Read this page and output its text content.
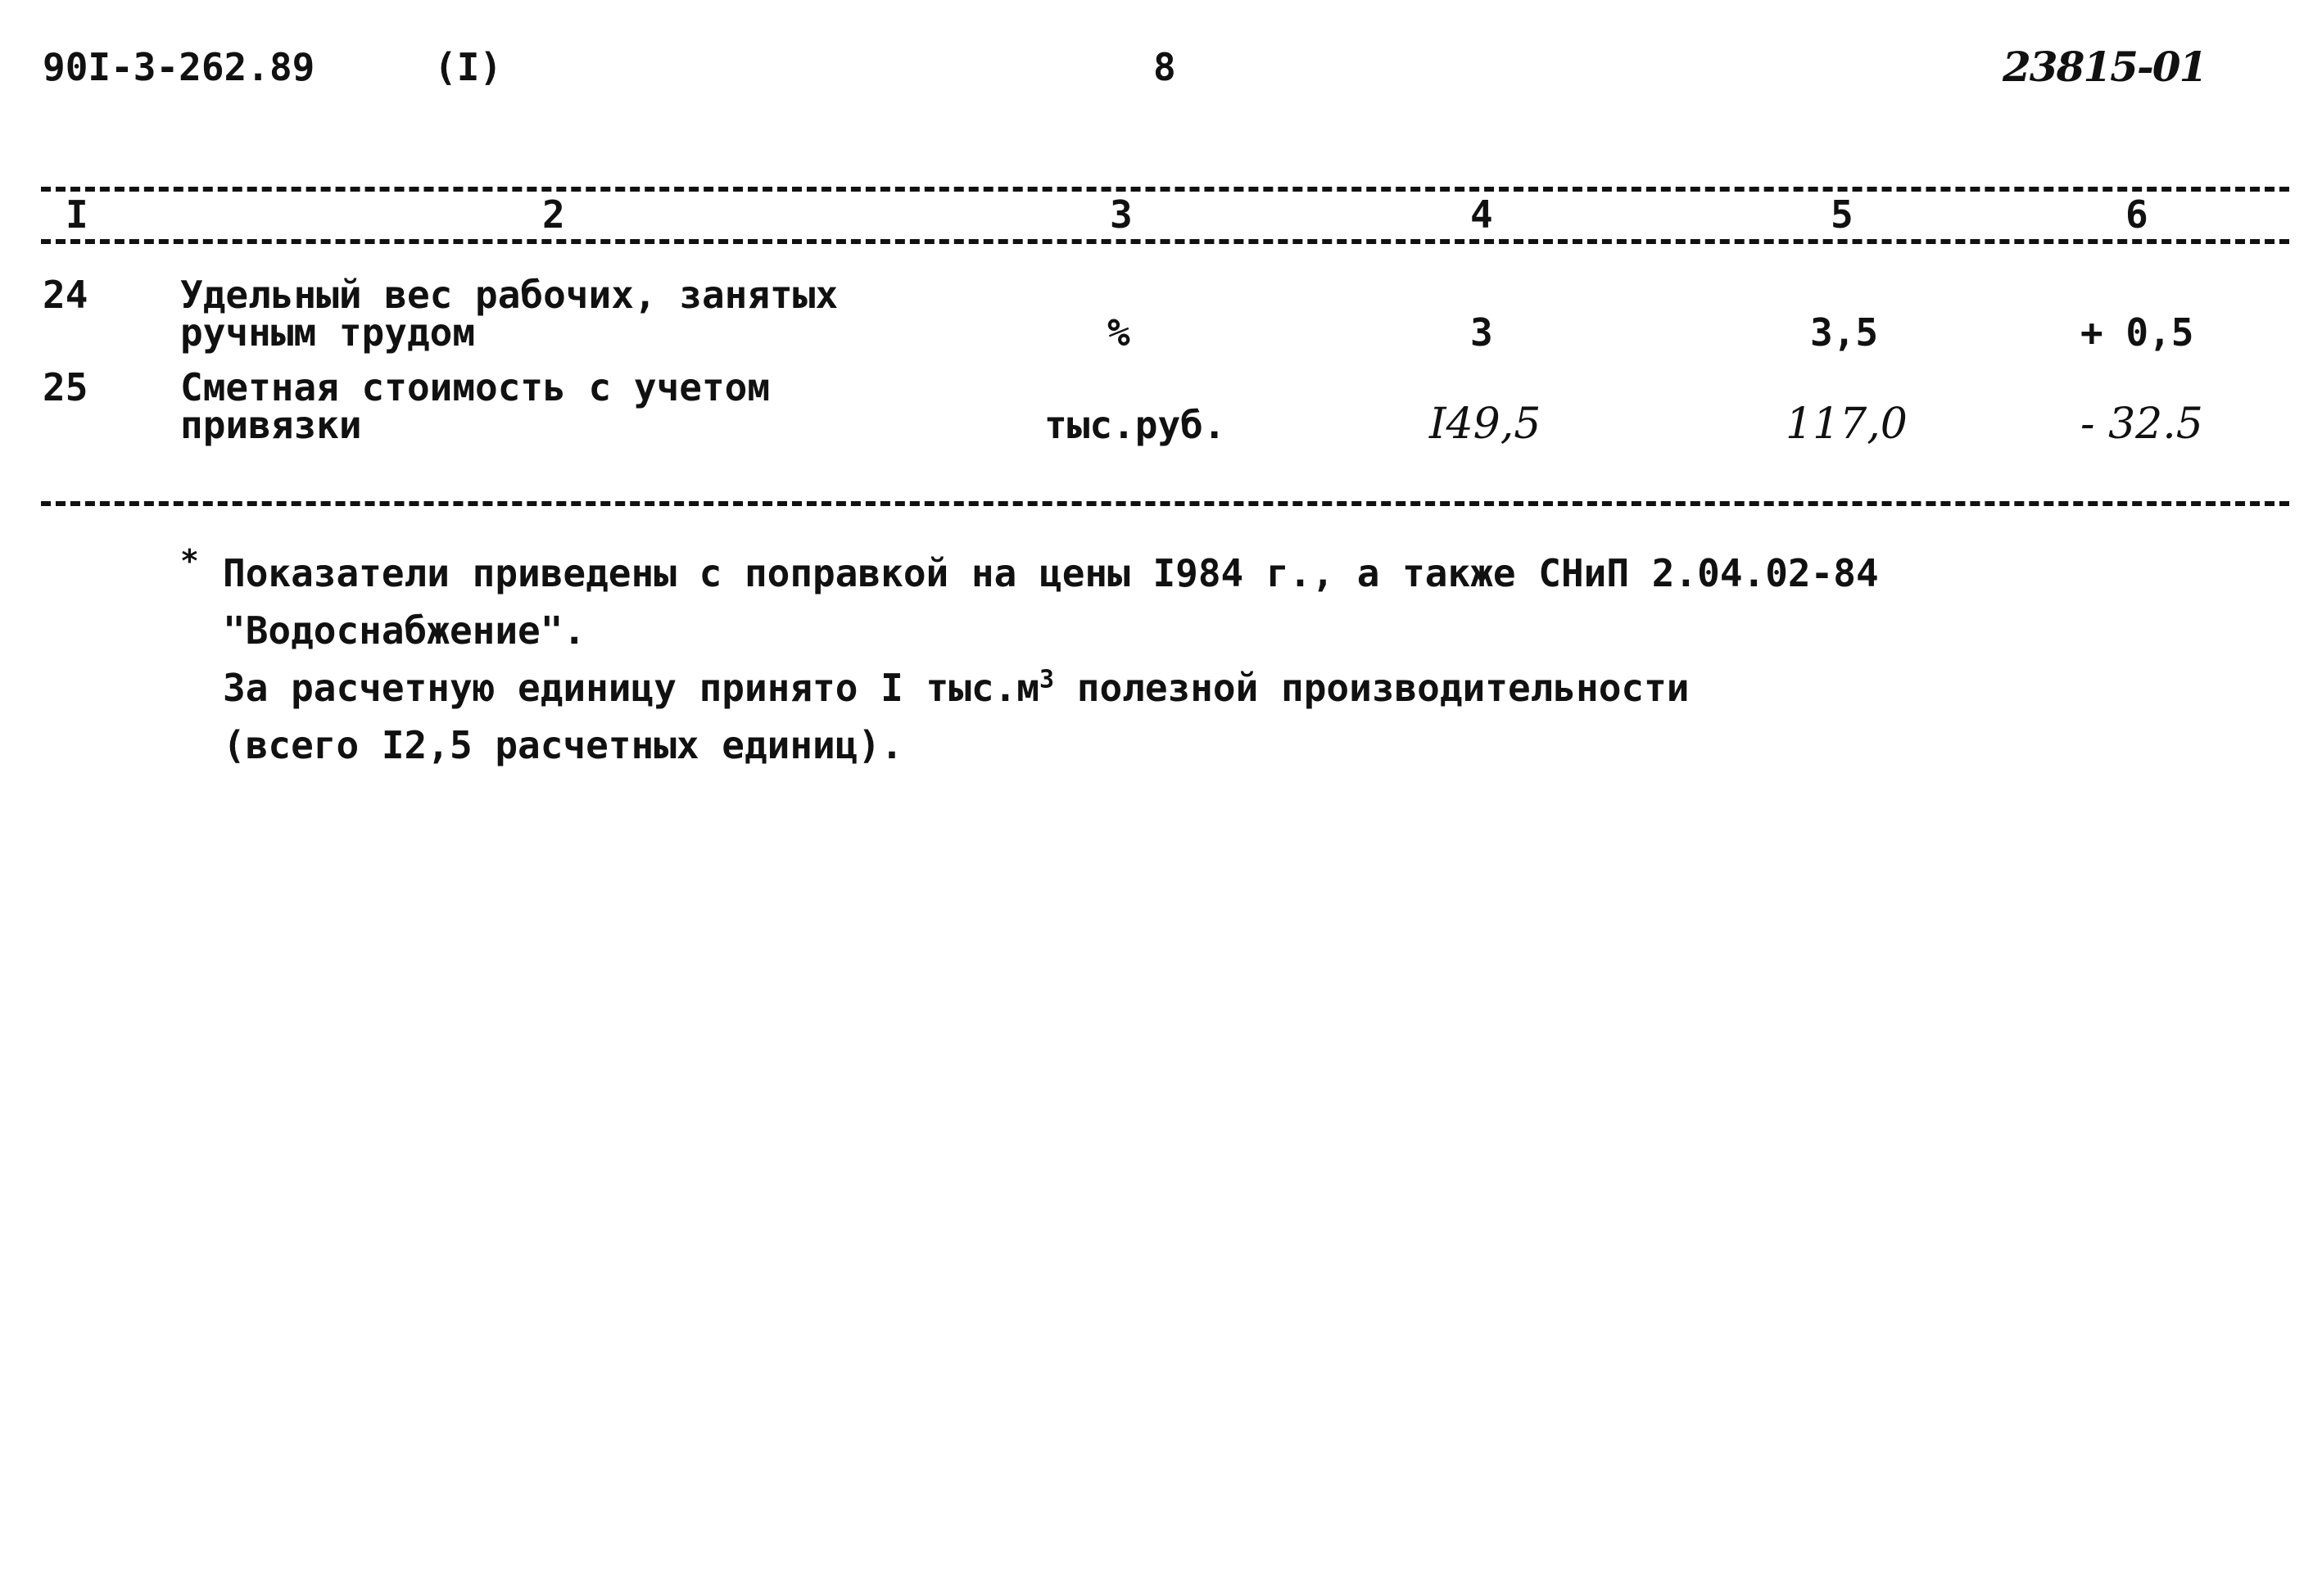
90I-3-262.89	(I)	8	23815-01
I	2	3	4	5	6
24 Удельный вес рабочих, занятых
ручным трудом	%	3	3,5	+ 0,5
25 Сметная стоимость с учетом
привязки	тыс.руб.	I49,5	117,0	- 32.5
* Показатели приведены с поправкой на цены I984 г., а также СНиП 2.04.02-84
"Водоснабжение".
За расчетную единицу принято I $тыс.м^3$ полезной производительности
(всего I2,5 расчетных единиц).
